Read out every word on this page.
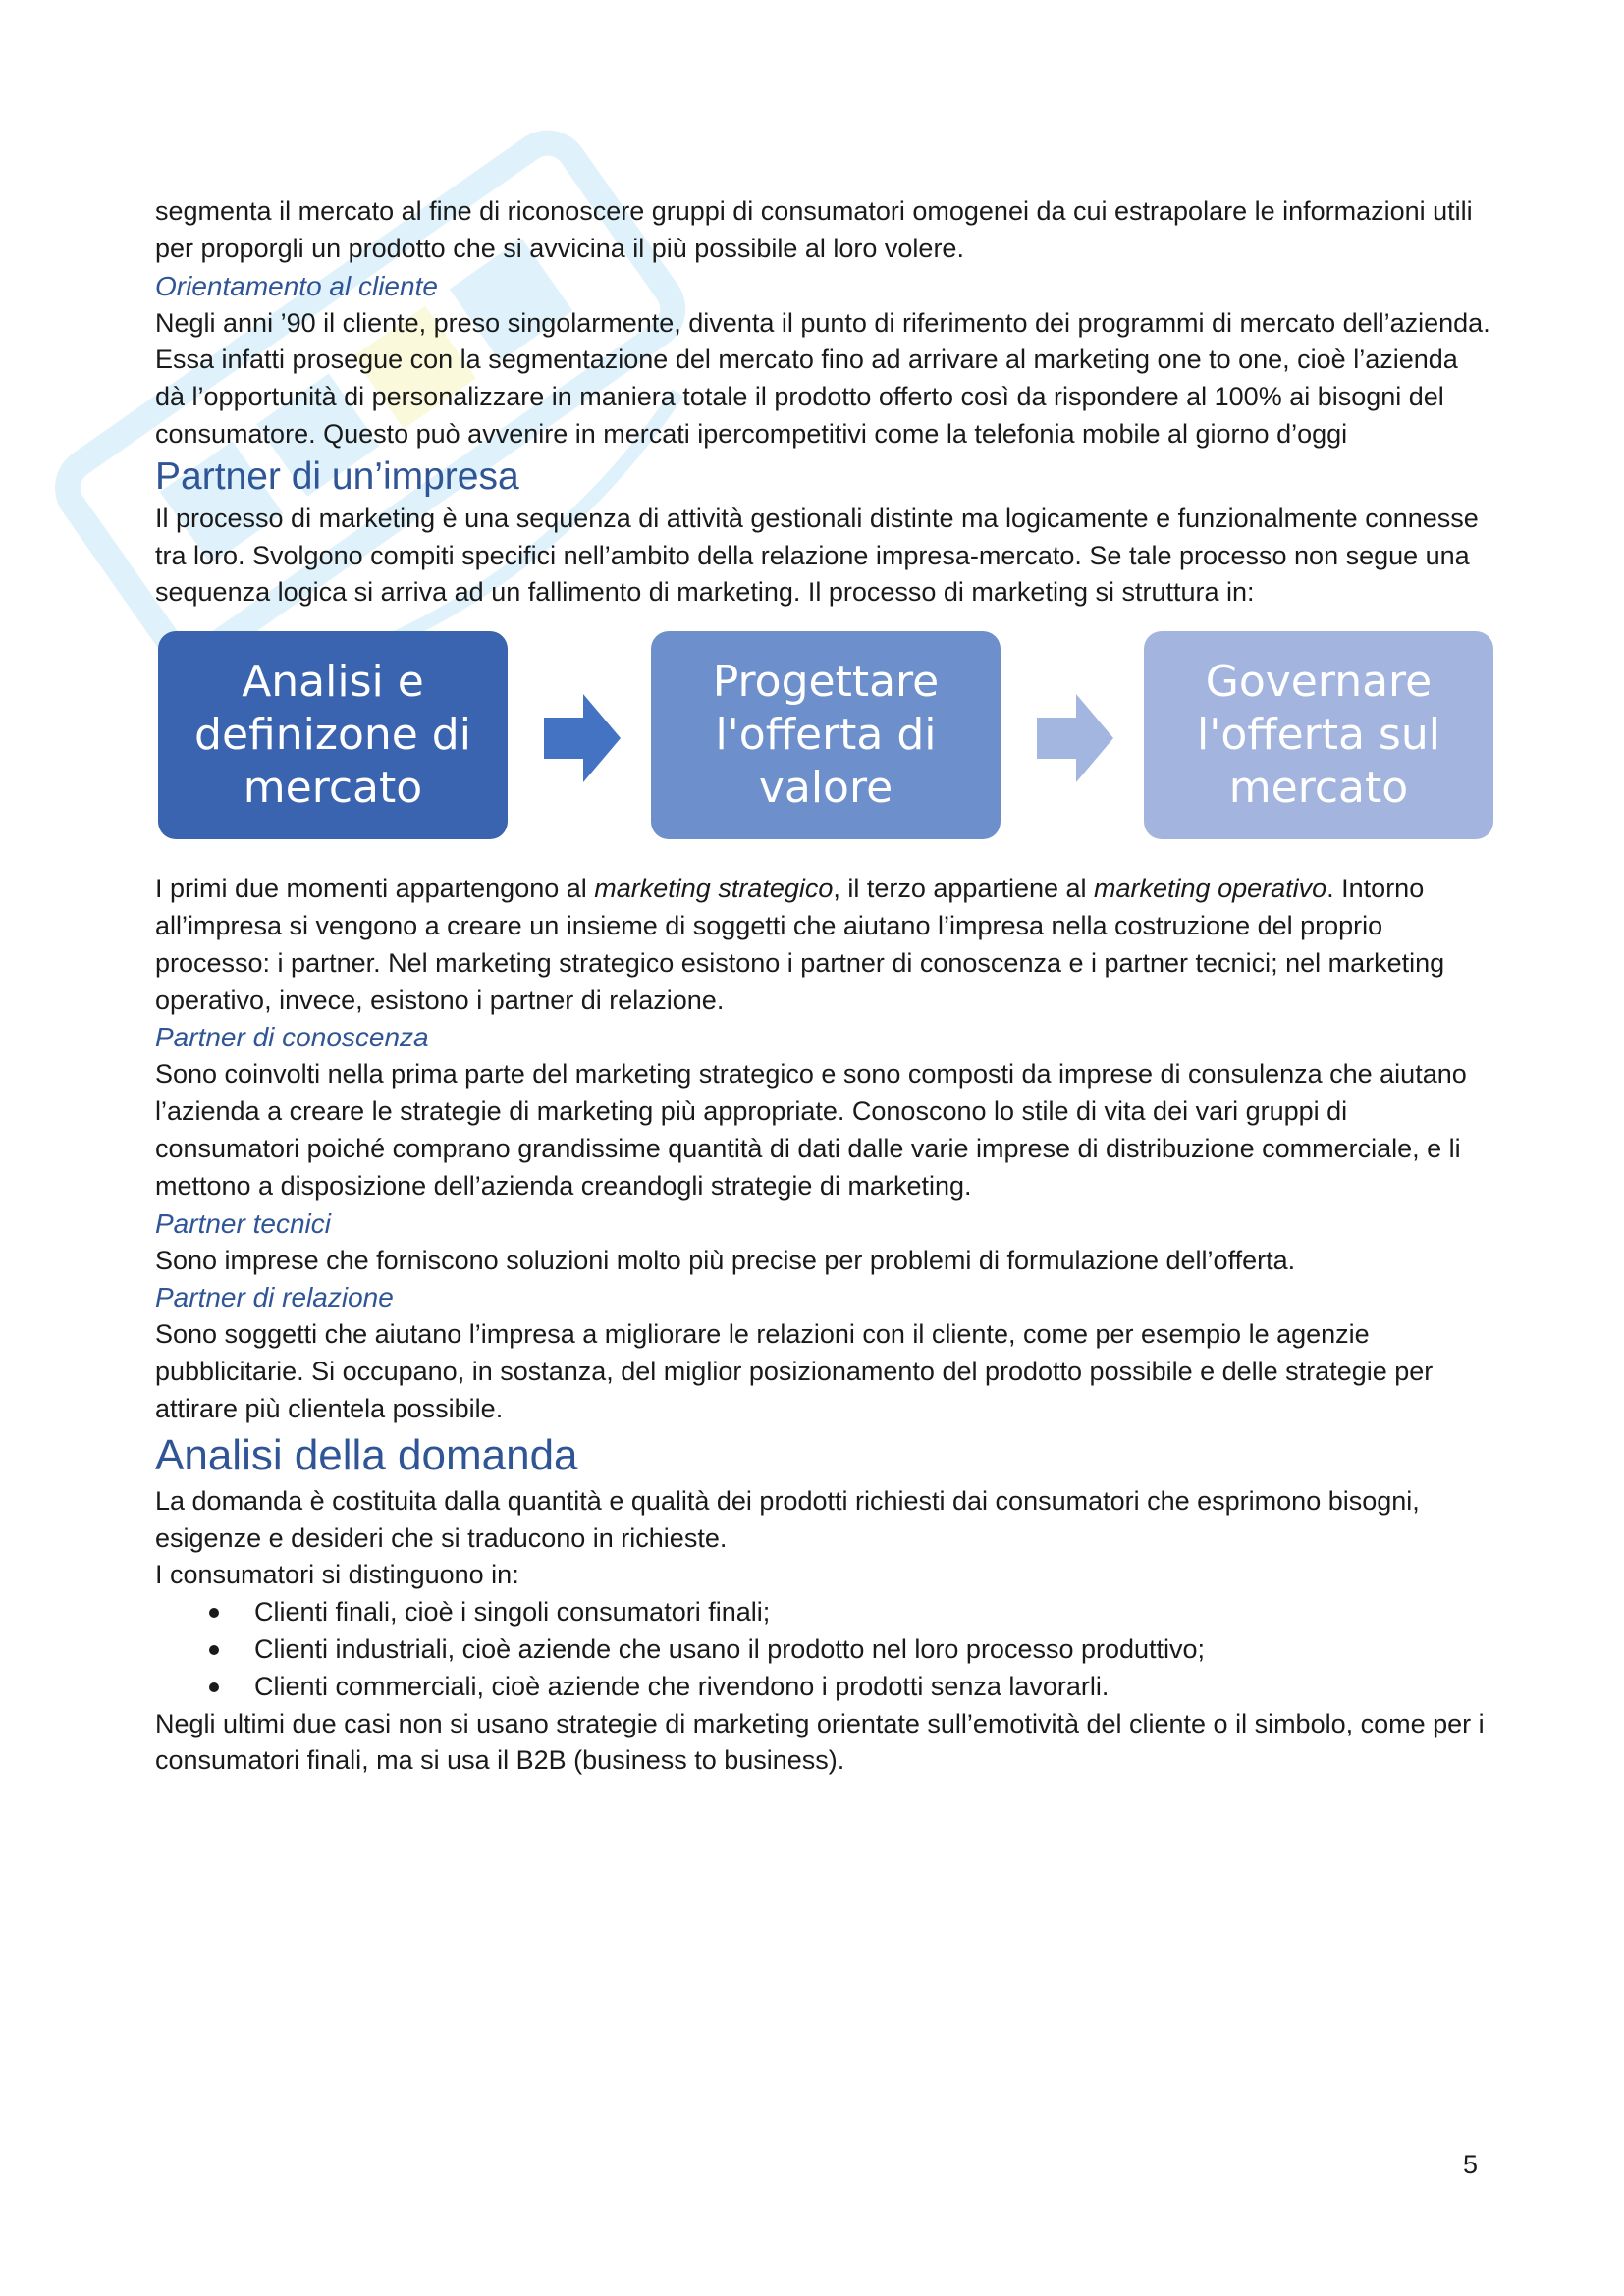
segmenta il mercato al fine di riconoscere gruppi di consumatori omogenei da cui estrapolare le informazioni utili per proporgli un prodotto che si avvicina il più possibile al loro volere.

Orientamento al cliente

Negli anni ’90 il cliente, preso singolarmente, diventa il punto di riferimento dei programmi di mercato dell’azienda. Essa infatti prosegue con la segmentazione del mercato fino ad arrivare al marketing one to one, cioè l’azienda dà l’opportunità di personalizzare in maniera totale il prodotto offerto così da rispondere al 100% ai bisogni del consumatore. Questo può avvenire in mercati ipercompetitivi come la telefonia mobile al giorno d’oggi

Partner di un’impresa

Il processo di marketing è una sequenza di attività gestionali distinte ma logicamente e funzionalmente connesse tra loro. Svolgono compiti specifici nell’ambito della relazione impresa-mercato. Se tale processo non segue una sequenza logica si arriva ad un fallimento di marketing. Il processo di marketing si struttura in:

Analisi e
definizone di
mercato
Progettare
l'offerta di
valore
Governare
l'offerta sul
mercato

I primi due momenti appartengono al marketing strategico, il terzo appartiene al marketing operativo. Intorno all’impresa si vengono a creare un insieme di soggetti che aiutano l’impresa nella costruzione del proprio processo: i partner. Nel marketing strategico esistono i partner di conoscenza e i partner tecnici; nel marketing operativo, invece, esistono i partner di relazione.

Partner di conoscenza

Sono coinvolti nella prima parte del marketing strategico e sono composti da imprese di consulenza che aiutano l’azienda a creare le strategie di marketing più appropriate. Conoscono lo stile di vita dei vari gruppi di consumatori poiché comprano grandissime quantità di dati dalle varie imprese di distribuzione commerciale, e li mettono a disposizione dell’azienda creandogli strategie di marketing.

Partner tecnici

Sono imprese che forniscono soluzioni molto più precise per problemi di formulazione dell’offerta.

Partner di relazione

Sono soggetti che aiutano l’impresa a migliorare le relazioni con il cliente, come per esempio le agenzie pubblicitarie. Si occupano, in sostanza, del miglior posizionamento del prodotto possibile e delle strategie per attirare più clientela possibile.

Analisi della domanda

La domanda è costituita dalla quantità e qualità dei prodotti richiesti dai consumatori che esprimono bisogni, esigenze e desideri che si traducono in richieste.

I consumatori si distinguono in:

Clienti finali, cioè i singoli consumatori finali;
Clienti industriali, cioè aziende che usano il prodotto nel loro processo produttivo;
Clienti commerciali, cioè aziende che rivendono i prodotti senza lavorarli.

Negli ultimi due casi non si usano strategie di marketing orientate sull’emotività del cliente o il simbolo, come per i consumatori finali, ma si usa il B2B (business to business).

5
